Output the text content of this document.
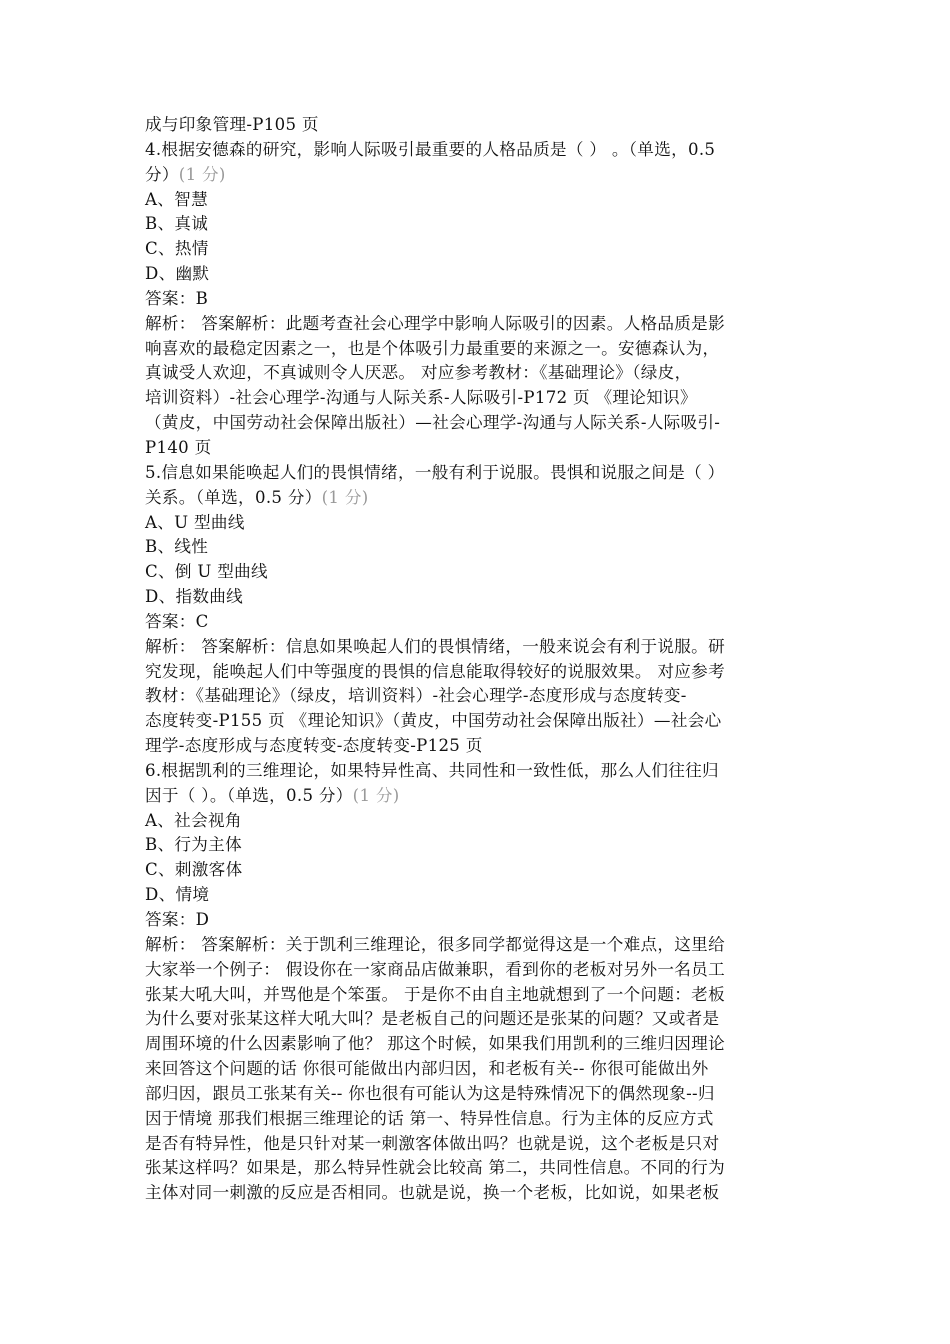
成与印象管理-P105 页
4.根据安德森的研究，影响人际吸引最重要的人格品质是（ ） 。（单选，0.5
分）(1 分)
A、智慧
B、真诚
C、热情
D、幽默
答案：B
解析： 答案解析：此题考查社会心理学中影响人际吸引的因素。人格品质是影
响喜欢的最稳定因素之一，也是个体吸引力最重要的来源之一。安德森认为，
真诚受人欢迎，不真诚则令人厌恶。 对应参考教材：《基础理论》（绿皮，
培训资料）-社会心理学-沟通与人际关系-人际吸引-P172 页 《理论知识》
（黄皮，中国劳动社会保障出版社）—社会心理学-沟通与人际关系-人际吸引-
P140 页
5.信息如果能唤起人们的畏惧情绪，一般有利于说服。畏惧和说服之间是（ ）
关系。（单选，0.5 分）(1 分)
A、U 型曲线
B、线性
C、倒 U 型曲线
D、指数曲线
答案：C
解析： 答案解析：信息如果唤起人们的畏惧情绪，一般来说会有利于说服。研
究发现，能唤起人们中等强度的畏惧的信息能取得较好的说服效果。 对应参考
教材：《基础理论》（绿皮，培训资料）-社会心理学-态度形成与态度转变-
态度转变-P155 页 《理论知识》（黄皮，中国劳动社会保障出版社）—社会心
理学-态度形成与态度转变-态度转变-P125 页
6.根据凯利的三维理论，如果特异性高、共同性和一致性低，那么人们往往归
因于（ ）。（单选，0.5 分）(1 分)
A、社会视角
B、行为主体
C、刺激客体
D、情境
答案：D
解析： 答案解析：关于凯利三维理论，很多同学都觉得这是一个难点，这里给
大家举一个例子： 假设你在一家商品店做兼职，看到你的老板对另外一名员工
张某大吼大叫，并骂他是个笨蛋。 于是你不由自主地就想到了一个问题：老板
为什么要对张某这样大吼大叫？是老板自己的问题还是张某的问题？又或者是
周围环境的什么因素影响了他？ 那这个时候，如果我们用凯利的三维归因理论
来回答这个问题的话 你很可能做出内部归因，和老板有关-- 你很可能做出外
部归因，跟员工张某有关-- 你也很有可能认为这是特殊情况下的偶然现象--归
因于情境 那我们根据三维理论的话 第一、特异性信息。行为主体的反应方式
是否有特异性，他是只针对某一刺激客体做出吗？也就是说，这个老板是只对
张某这样吗？如果是，那么特异性就会比较高 第二，共同性信息。不同的行为
主体对同一刺激的反应是否相同。也就是说，换一个老板，比如说，如果老板
